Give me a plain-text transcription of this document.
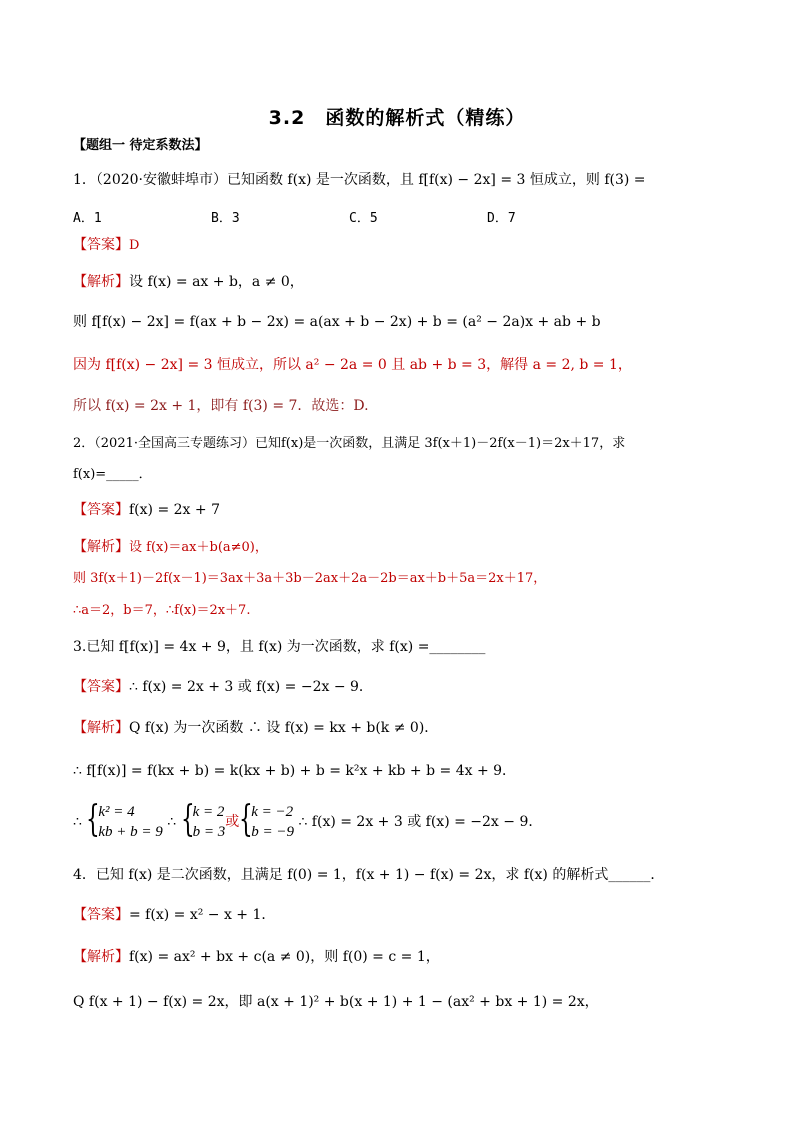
3.2　函数的解析式（精练）
【题组一 待定系数法】
1．（2020·安徽蚌埠市）已知函数 f(x) 是一次函数，且 f[f(x) − 2x] = 3 恒成立，则 f(3) =
A．1	B．3	C．5	D．7
【答案】D
【解析】设 f(x) = ax + b，a ≠ 0，
则 f[f(x) − 2x] = f(ax + b − 2x) = a(ax + b − 2x) + b = (a² − 2a)x + ab + b
因为 f[f(x) − 2x] = 3 恒成立，所以 a² − 2a = 0 且 ab + b = 3，解得 a = 2, b = 1，
所以 f(x) = 2x + 1，即有 f(3) = 7．故选：D.
2．（2021·全国高三专题练习）已知f(x)是一次函数，且满足 3f(x＋1)－2f(x－1)＝2x＋17，求
f(x)=_____．
【答案】f(x) = 2x + 7
【解析】设 f(x)＝ax＋b(a≠0)，
则 3f(x＋1)－2f(x－1)＝3ax＋3a＋3b－2ax＋2a－2b＝ax＋b＋5a＝2x＋17，
∴a＝2，b＝7，∴f(x)＝2x＋7.
3.已知 f[f(x)] = 4x + 9，且 f(x) 为一次函数，求 f(x) =________
【答案】∴ f(x) = 2x + 3 或 f(x) = −2x − 9．
【解析】Q f(x) 为一次函数 ∴ 设 f(x) = kx + b(k ≠ 0)．
∴ f[f(x)] = f(kx + b) = k(kx + b) + b = k²x + kb + b = 4x + 9．
∴ {
k² = 4
kb + b = 9
∴ {
k = 2
b = 3
或 {
k = −2
b = −9
∴ f(x) = 2x + 3 或 f(x) = −2x − 9．
4．已知 f(x) 是二次函数，且满足 f(0) = 1，f(x + 1) − f(x) = 2x，求 f(x) 的解析式______．
【答案】= f(x) = x² − x + 1．
【解析】f(x) = ax² + bx + c(a ≠ 0)，则 f(0) = c = 1，
Q f(x + 1) − f(x) = 2x，即 a(x + 1)² + b(x + 1) + 1 − (ax² + bx + 1) = 2x，
